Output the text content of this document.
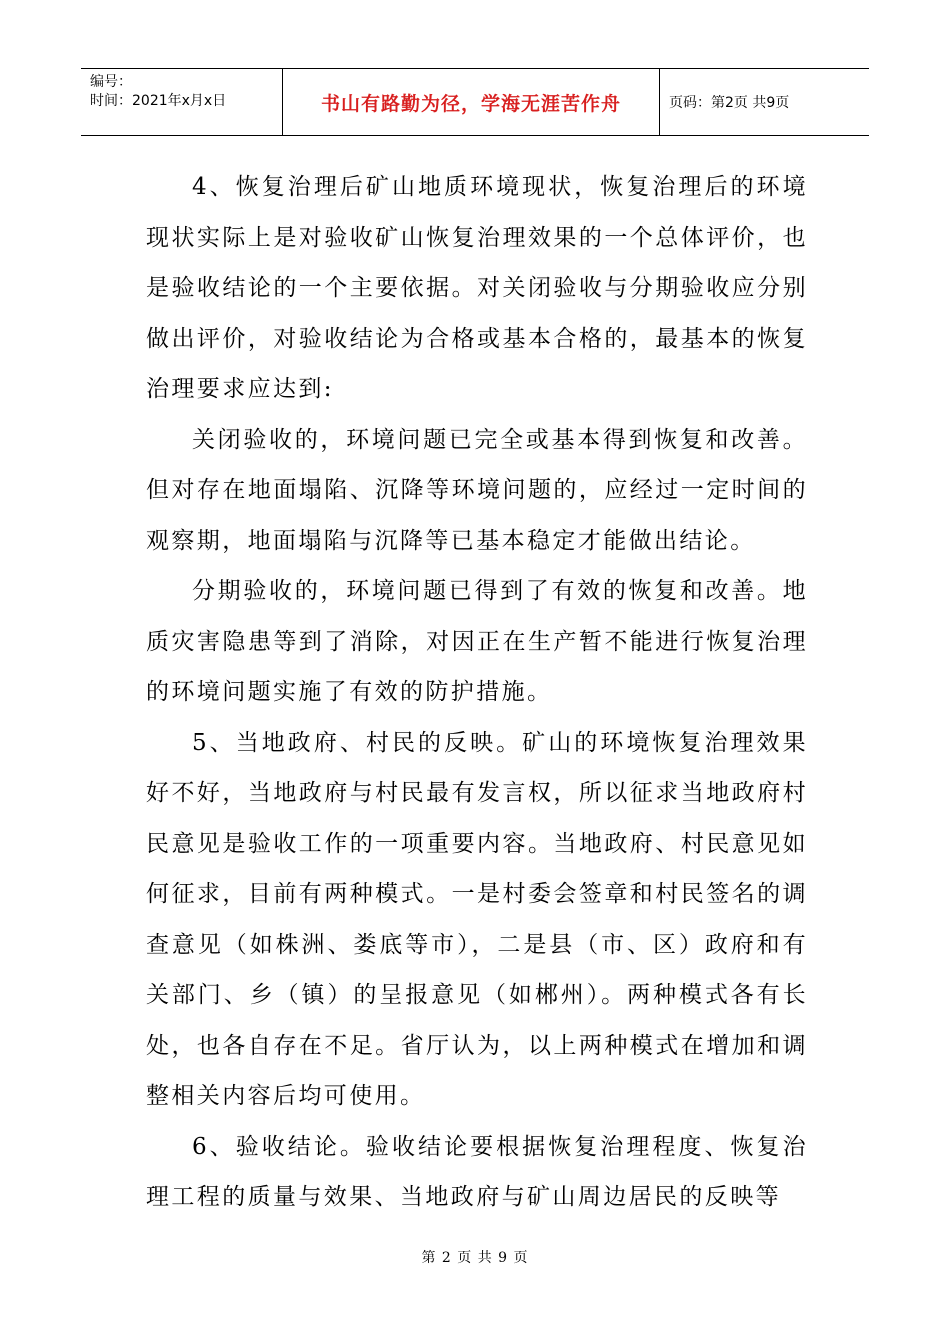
编号：
时间：2021年x月x日	书山有路勤为径，学海无涯苦作舟	页码：第2页 共9页

4、恢复治理后矿山地质环境现状，恢复治理后的环境现状实际上是对验收矿山恢复治理效果的一个总体评价，也是验收结论的一个主要依据。对关闭验收与分期验收应分别做出评价，对验收结论为合格或基本合格的，最基本的恢复治理要求应达到:

关闭验收的，环境问题已完全或基本得到恢复和改善。但对存在地面塌陷、沉降等环境问题的，应经过一定时间的观察期，地面塌陷与沉降等已基本稳定才能做出结论。

分期验收的，环境问题已得到了有效的恢复和改善。地质灾害隐患等到了消除，对因正在生产暂不能进行恢复治理的环境问题实施了有效的防护措施。

5、当地政府、村民的反映。矿山的环境恢复治理效果好不好，当地政府与村民最有发言权，所以征求当地政府村民意见是验收工作的一项重要内容。当地政府、村民意见如何征求，目前有两种模式。一是村委会签章和村民签名的调查意见（如株洲、娄底等市），二是县（市、区）政府和有关部门、乡（镇）的呈报意见（如郴州）。两种模式各有长处，也各自存在不足。省厅认为，以上两种模式在增加和调整相关内容后均可使用。

6、验收结论。验收结论要根据恢复治理程度、恢复治理工程的质量与效果、当地政府与矿山周边居民的反映等

第 2 页 共 9 页
